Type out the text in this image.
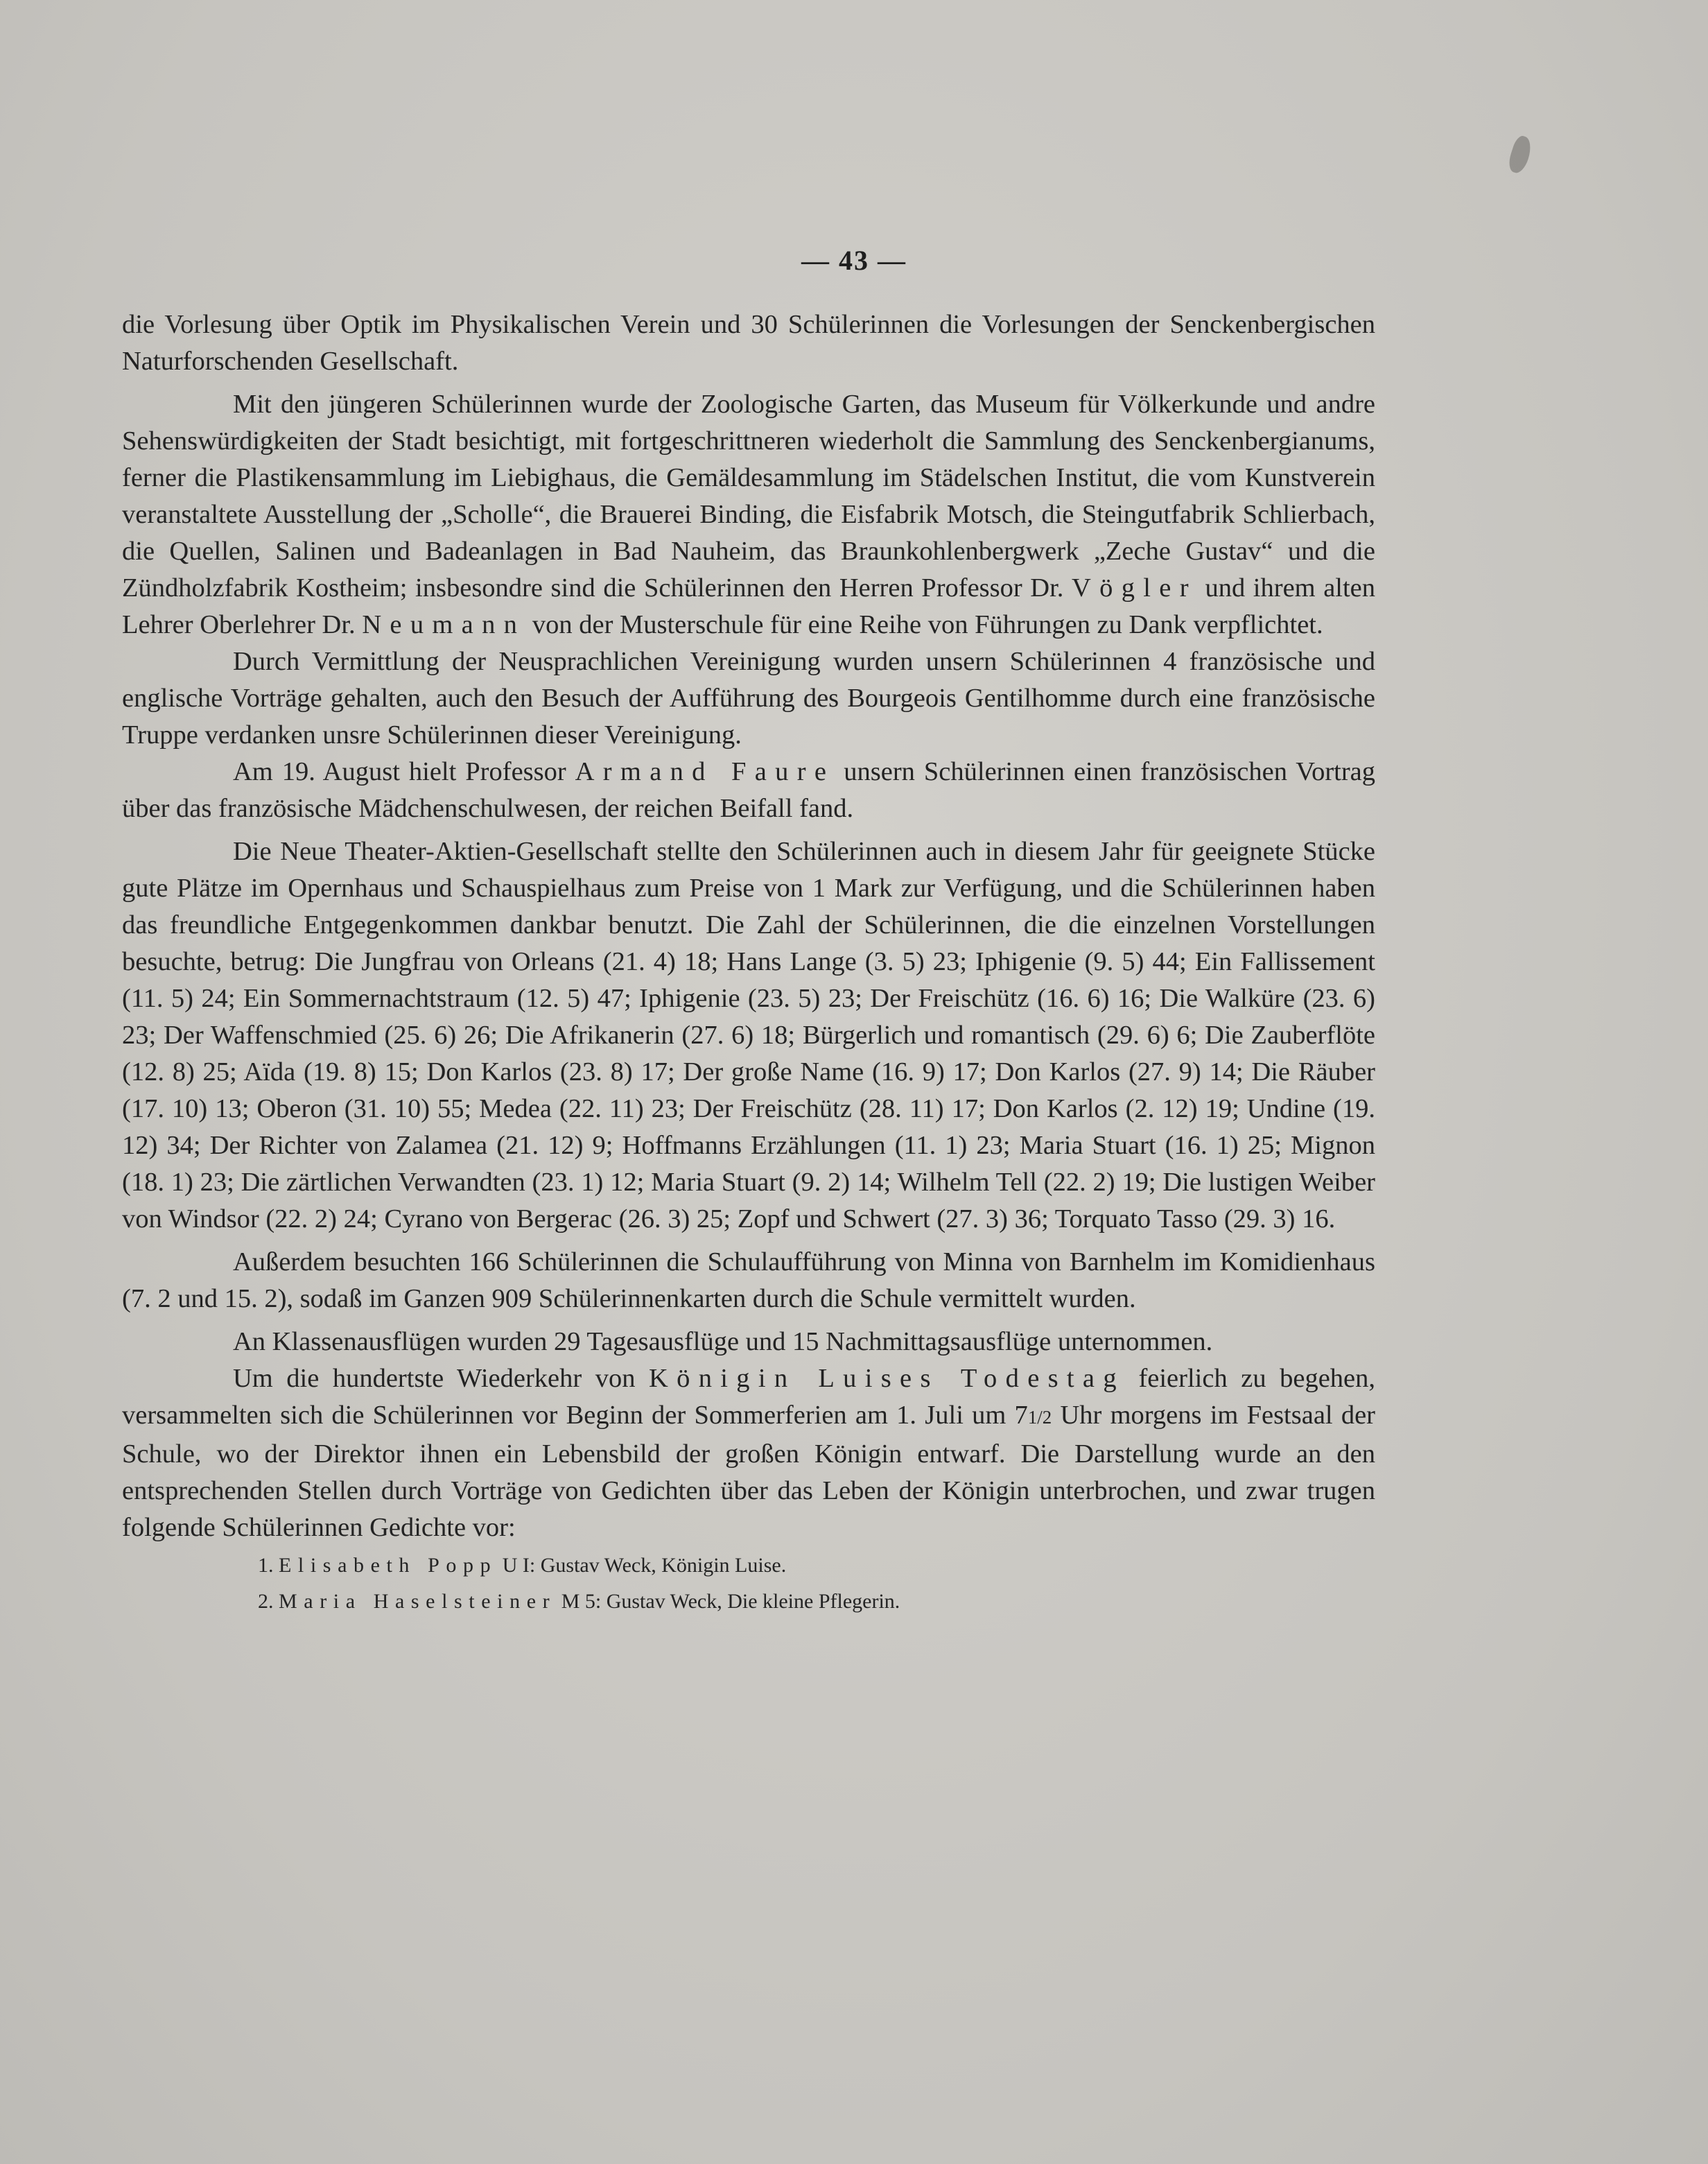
— 43 —

die Vorlesung über Optik im Physikalischen Verein und 30 Schülerinnen die Vorlesungen der Senckenbergischen Naturforschenden Gesellschaft.

Mit den jüngeren Schülerinnen wurde der Zoologische Garten, das Museum für Völkerkunde und andre Sehenswürdigkeiten der Stadt besichtigt, mit fortgeschrittneren wiederholt die Sammlung des Senckenbergianums, ferner die Plastikensammlung im Liebighaus, die Gemäldesammlung im Städelschen Institut, die vom Kunstverein veranstaltete Ausstellung der „Scholle“, die Brauerei Binding, die Eisfabrik Motsch, die Steingutfabrik Schlierbach, die Quellen, Salinen und Badeanlagen in Bad Nauheim, das Braunkohlenbergwerk „Zeche Gustav“ und die Zündholzfabrik Kostheim; insbesondre sind die Schülerinnen den Herren Professor Dr. Vögler und ihrem alten Lehrer Oberlehrer Dr. Neumann von der Musterschule für eine Reihe von Führungen zu Dank verpflichtet.

Durch Vermittlung der Neusprachlichen Vereinigung wurden unsern Schülerinnen 4 französische und englische Vorträge gehalten, auch den Besuch der Aufführung des Bourgeois Gentilhomme durch eine französische Truppe verdanken unsre Schülerinnen dieser Vereinigung.

Am 19. August hielt Professor Armand Faure unsern Schülerinnen einen französischen Vortrag über das französische Mädchenschulwesen, der reichen Beifall fand.

Die Neue Theater-Aktien-Gesellschaft stellte den Schülerinnen auch in diesem Jahr für geeignete Stücke gute Plätze im Opernhaus und Schauspielhaus zum Preise von 1 Mark zur Verfügung, und die Schülerinnen haben das freundliche Entgegenkommen dankbar benutzt. Die Zahl der Schülerinnen, die die einzelnen Vorstellungen besuchte, betrug: Die Jungfrau von Orleans (21. 4) 18; Hans Lange (3. 5) 23; Iphigenie (9. 5) 44; Ein Fallissement (11. 5) 24; Ein Sommernachtstraum (12. 5) 47; Iphigenie (23. 5) 23; Der Freischütz (16. 6) 16; Die Walküre (23. 6) 23; Der Waffenschmied (25. 6) 26; Die Afrikanerin (27. 6) 18; Bürgerlich und romantisch (29. 6) 6; Die Zauberflöte (12. 8) 25; Aïda (19. 8) 15; Don Karlos (23. 8) 17; Der große Name (16. 9) 17; Don Karlos (27. 9) 14; Die Räuber (17. 10) 13; Oberon (31. 10) 55; Medea (22. 11) 23; Der Freischütz (28. 11) 17; Don Karlos (2. 12) 19; Undine (19. 12) 34; Der Richter von Zalamea (21. 12) 9; Hoffmanns Erzählungen (11. 1) 23; Maria Stuart (16. 1) 25; Mignon (18. 1) 23; Die zärtlichen Verwandten (23. 1) 12; Maria Stuart (9. 2) 14; Wilhelm Tell (22. 2) 19; Die lustigen Weiber von Windsor (22. 2) 24; Cyrano von Bergerac (26. 3) 25; Zopf und Schwert (27. 3) 36; Torquato Tasso (29. 3) 16.

Außerdem besuchten 166 Schülerinnen die Schulaufführung von Minna von Barnhelm im Komidienhaus (7. 2 und 15. 2), sodaß im Ganzen 909 Schülerinnenkarten durch die Schule vermittelt wurden.

An Klassenausflügen wurden 29 Tagesausflüge und 15 Nachmittagsausflüge unternommen.

Um die hundertste Wiederkehr von Königin Luises Todestag feierlich zu begehen, versammelten sich die Schülerinnen vor Beginn der Sommerferien am 1. Juli um 71/2 Uhr morgens im Festsaal der Schule, wo der Direktor ihnen ein Lebensbild der großen Königin entwarf. Die Darstellung wurde an den entsprechenden Stellen durch Vorträge von Gedichten über das Leben der Königin unterbrochen, und zwar trugen folgende Schülerinnen Gedichte vor:

1. Elisabeth Popp U I: Gustav Weck, Königin Luise.
2. Maria Haselsteiner M 5: Gustav Weck, Die kleine Pflegerin.
